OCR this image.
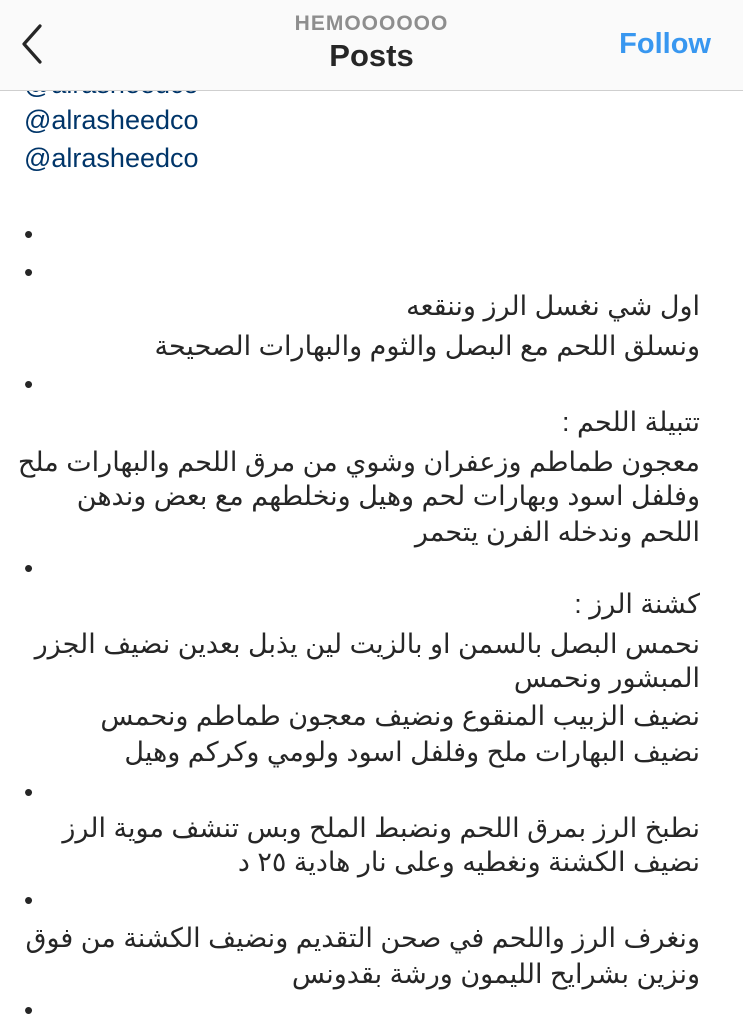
HEMOOOOOO
Posts	Follow
@alrasheedco
@alrasheedco
•
•
اول شي نغسل الرز وننقعه
ونسلق اللحم مع البصل والثوم والبهارات الصحيحة
•
تتبيلة اللحم :
معجون طماطم وزعفران وشوي من مرق اللحم والبهارات ملح
وفلفل اسود وبهارات لحم وهيل ونخلطهم مع بعض وندهن
اللحم وندخله الفرن يتحمر
•
كشنة الرز :
نحمس البصل بالسمن او بالزيت لين يذبل بعدين نضيف الجزر
المبشور ونحمس
نضيف الزبيب المنقوع ونضيف معجون طماطم ونحمس
نضيف البهارات ملح وفلفل اسود ولومي وكركم وهيل
•
نطبخ الرز بمرق اللحم ونضبط الملح وبس تنشف موية الرز
نضيف الكشنة ونغطيه وعلى نار هادية ٢٥ د
•
ونغرف الرز واللحم في صحن التقديم ونضيف الكشنة من فوق
ونزين بشرايح الليمون ورشة بقدونس
•
